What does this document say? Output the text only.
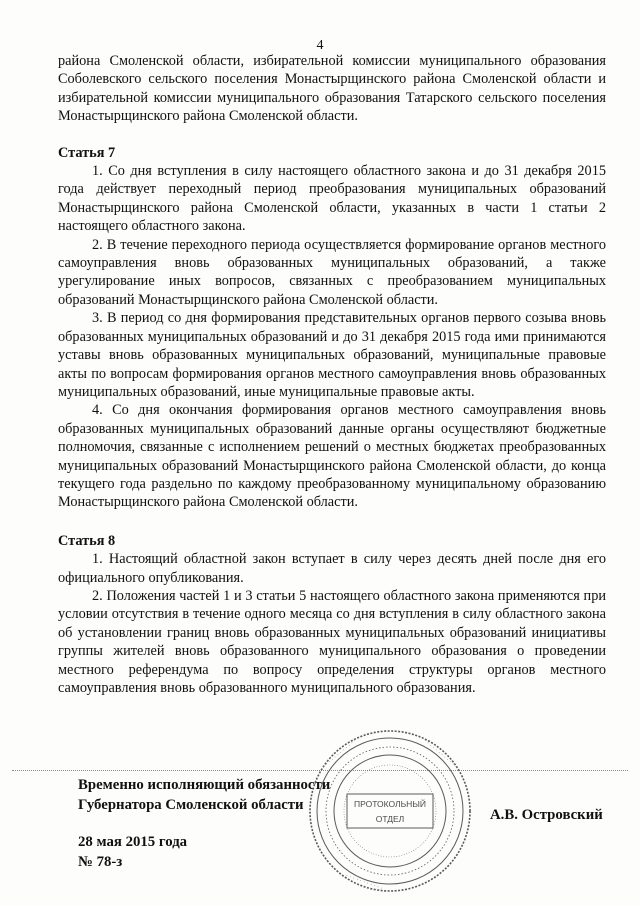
4

района Смоленской области, избирательной комиссии муниципального образования Соболевского сельского поселения Монастырщинского района Смоленской области и избирательной комиссии муниципального образования Татарского сельского поселения Монастырщинского района Смоленской области.

Статья 7

1. Со дня вступления в силу настоящего областного закона и до 31 декабря 2015 года действует переходный период преобразования муниципальных образований Монастырщинского района Смоленской области, указанных в части 1 статьи 2 настоящего областного закона.

2. В течение переходного периода осуществляется формирование органов местного самоуправления вновь образованных муниципальных образований, а также урегулирование иных вопросов, связанных с преобразованием муниципальных образований Монастырщинского района Смоленской области.

3. В период со дня формирования представительных органов первого созыва вновь образованных муниципальных образований и до 31 декабря 2015 года ими принимаются уставы вновь образованных муниципальных образований, муниципальные правовые акты по вопросам формирования органов местного самоуправления вновь образованных муниципальных образований, иные муниципальные правовые акты.

4. Со дня окончания формирования органов местного самоуправления вновь образованных муниципальных образований данные органы осуществляют бюджетные полномочия, связанные с исполнением решений о местных бюджетах преобразованных муниципальных образований Монастырщинского района Смоленской области, до конца текущего года раздельно по каждому преобразованному муниципальному образованию Монастырщинского района Смоленской области.

Статья 8

1. Настоящий областной закон вступает в силу через десять дней после дня его официального опубликования.

2. Положения частей 1 и 3 статьи 5 настоящего областного закона применяются при условии отсутствия в течение одного месяца со дня вступления в силу областного закона об установлении границ вновь образованных муниципальных образований инициативы группы жителей вновь образованного муниципального образования о проведении местного референдума по вопросу определения структуры органов местного самоуправления вновь образованного муниципального образования.

Временно исполняющий обязанности
Губернатора Смоленской области
А.В. Островский
28 мая 2015 года
№ 78-з
· · · · · · · · · · · · ·	· · · · · · · · · · · · ·
· · · · · · · · · · ·
ПРОТОКОЛЬНЫЙ
ОТДЕЛ
